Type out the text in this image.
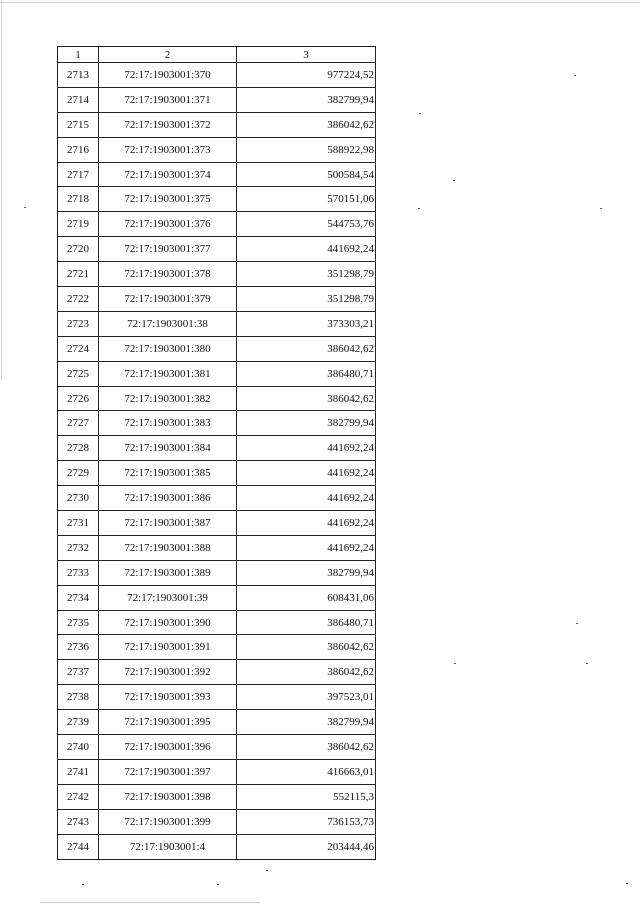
1	2	3
2713	72:17:1903001:370	977224,52
2714	72:17:1903001:371	382799,94
2715	72:17:1903001:372	386042,62
2716	72:17:1903001:373	588922,98
2717	72:17:1903001:374	500584,54
2718	72:17:1903001:375	570151,06
2719	72:17:1903001:376	544753,76
2720	72:17:1903001:377	441692,24
2721	72:17:1903001:378	351298,79
2722	72:17:1903001:379	351298,79
2723	72:17:1903001:38	373303,21
2724	72:17:1903001:380	386042,62
2725	72:17:1903001:381	386480,71
2726	72:17:1903001:382	386042,62
2727	72:17:1903001:383	382799,94
2728	72:17:1903001:384	441692,24
2729	72:17:1903001:385	441692,24
2730	72:17:1903001:386	441692,24
2731	72:17:1903001:387	441692,24
2732	72:17:1903001:388	441692,24
2733	72:17:1903001:389	382799,94
2734	72:17:1903001:39	608431,06
2735	72:17:1903001:390	386480,71
2736	72:17:1903001:391	386042,62
2737	72:17:1903001:392	386042,62
2738	72:17:1903001:393	397523,01
2739	72:17:1903001:395	382799,94
2740	72:17:1903001:396	386042,62
2741	72:17:1903001:397	416663,01
2742	72:17:1903001:398	552115,3
2743	72:17:1903001:399	736153,73
2744	72:17:1903001:4	203444,46
